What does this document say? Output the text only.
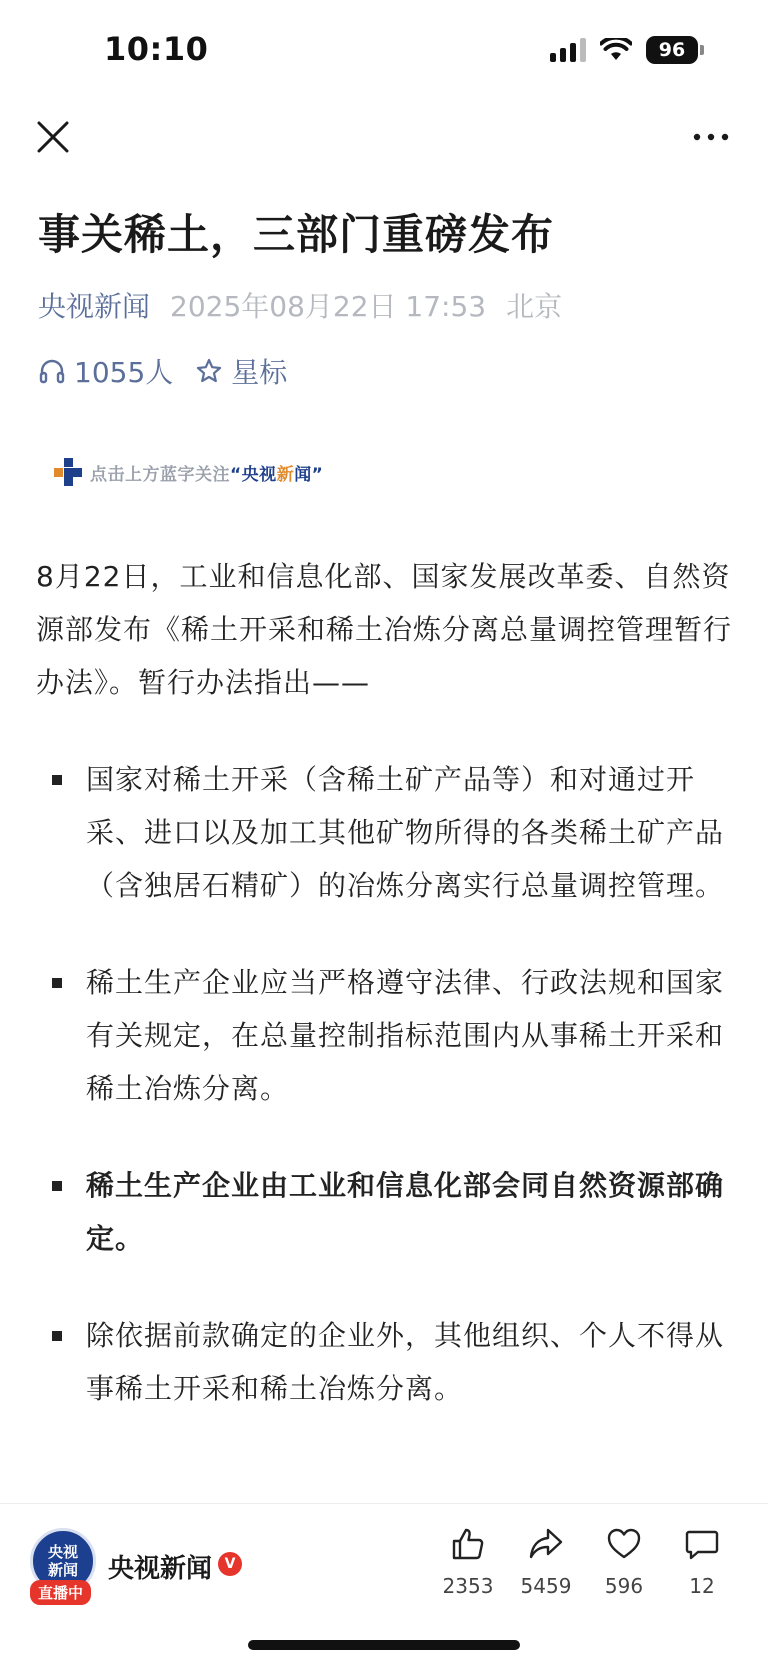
10:10	96
事关稀土，三部门重磅发布
央视新闻 2025年08月22日 17:53 北京
1055人 星标
点击上方蓝字关注“央视新闻”

8月22日，工业和信息化部、国家发展改革委、自然资源部发布《稀土开采和稀土冶炼分离总量调控管理暂行办法》。暂行办法指出——

国家对稀土开采（含稀土矿产品等）和对通过开采、进口以及加工其他矿物所得的各类稀土矿产品（含独居石精矿）的冶炼分离实行总量调控管理。
稀土生产企业应当严格遵守法律、行政法规和国家有关规定，在总量控制指标范围内从事稀土开采和稀土冶炼分离。
稀土生产企业由工业和信息化部会同自然资源部确定。
除依据前款确定的企业外，其他组织、个人不得从事稀土开采和稀土冶炼分离。
央视
新闻
直播中
央视新闻 V
2353	5459	596	12
